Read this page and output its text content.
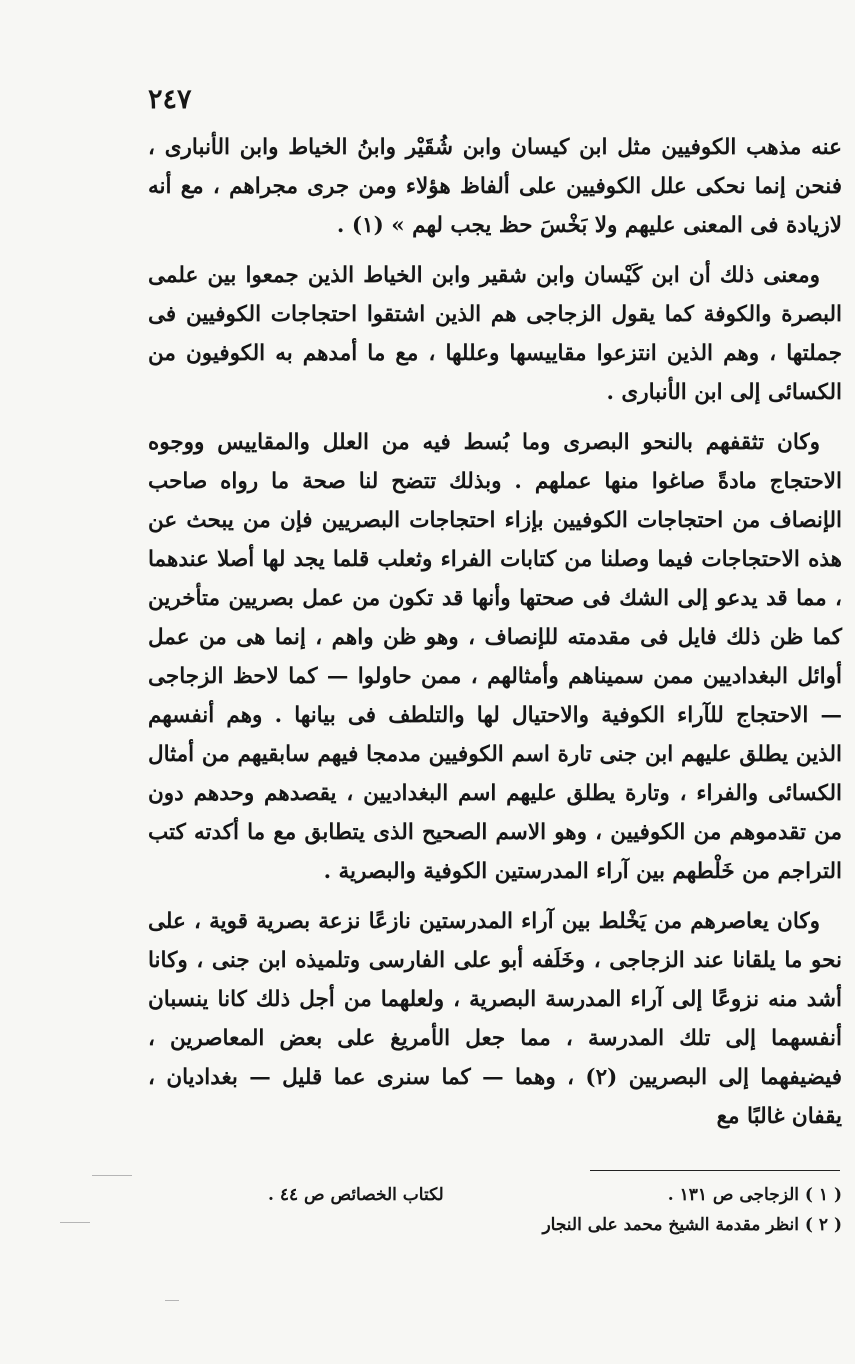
٢٤٧

عنه مذهب الكوفيين مثل ابن كيسان وابن شُقَيْر وابنُ الخياط وابن الأنبارى ، فنحن إنما نحكى علل الكوفيين على ألفاظ هؤلاء ومن جرى مجراهم ، مع أنه لازيادة فى المعنى عليهم ولا بَخْسَ حظ يجب لهم » (١) .

ومعنى ذلك أن ابن كَيْسان وابن شقير وابن الخياط الذين جمعوا بين علمى البصرة والكوفة كما يقول الزجاجى هم الذين اشتقوا احتجاجات الكوفيين فى جملتها ، وهم الذين انتزعوا مقاييسها وعللها ، مع ما أمدهم به الكوفيون من الكسائى إلى ابن الأنبارى .

وكان تثقفهم بالنحو البصرى وما بُسط فيه من العلل والمقاييس ووجوه الاحتجاج مادةً صاغوا منها عملهم . وبذلك تتضح لنا صحة ما رواه صاحب الإنصاف من احتجاجات الكوفيين بإزاء احتجاجات البصريين فإن من يبحث عن هذه الاحتجاجات فيما وصلنا من كتابات الفراء وثعلب قلما يجد لها أصلا عندهما ، مما قد يدعو إلى الشك فى صحتها وأنها قد تكون من عمل بصريين متأخرين كما ظن ذلك فايل فى مقدمته للإنصاف ، وهو ظن واهم ، إنما هى من عمل أوائل البغداديين ممن سميناهم وأمثالهم ، ممن حاولوا — كما لاحظ الزجاجى — الاحتجاج للآراء الكوفية والاحتيال لها والتلطف فى بيانها . وهم أنفسهم الذين يطلق عليهم ابن جنى تارة اسم الكوفيين مدمجا فيهم سابقيهم من أمثال الكسائى والفراء ، وتارة يطلق عليهم اسم البغداديين ، يقصدهم وحدهم دون من تقدموهم من الكوفيين ، وهو الاسم الصحيح الذى يتطابق مع ما أكدته كتب التراجم من خَلْطهم بين آراء المدرستين الكوفية والبصرية .

وكان يعاصرهم من يَخْلط بين آراء المدرستين نازعًا نزعة بصرية قوية ، على نحو ما يلقانا عند الزجاجى ، وخَلَفه أبو على الفارسى وتلميذه ابن جنى ، وكانا أشد منه نزوعًا إلى آراء المدرسة البصرية ، ولعلهما من أجل ذلك كانا ينسبان أنفسهما إلى تلك المدرسة ، مما جعل الأمريغ على بعض المعاصرين ، فيضيفهما إلى البصريين (٢) ، وهما — كما سنرى عما قليل — بغداديان ، يقفان غالبًا مع

( ١ ) الزجاجى ص ١٣١ .
لكتاب الخصائص ص ٤٤ .
( ٢ ) انظر مقدمة الشيخ محمد على النجار
